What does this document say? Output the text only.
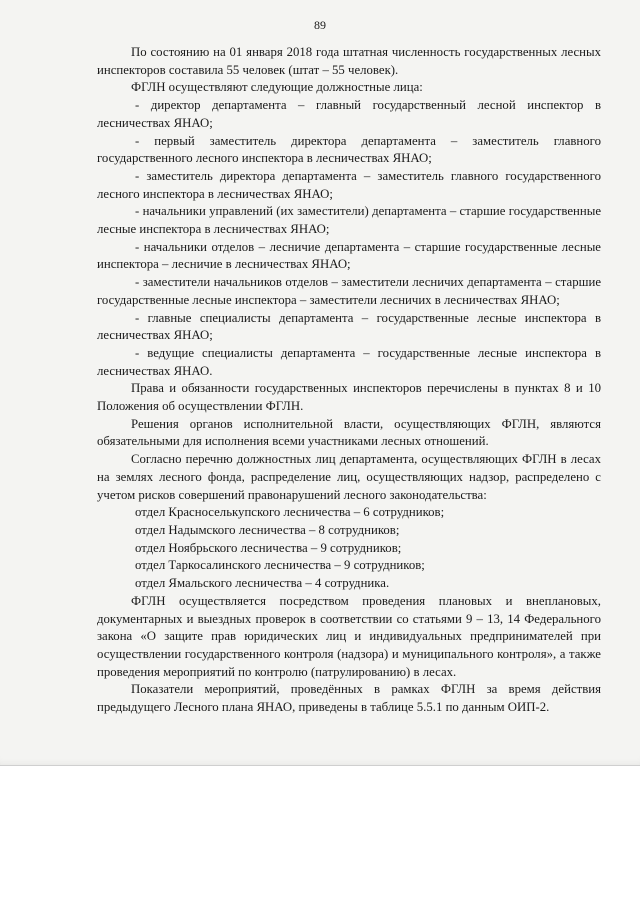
89

По состоянию на 01 января 2018 года штатная численность государственных лесных инспекторов составила 55 человек (штат – 55 человек).

ФГЛН осуществляют следующие должностные лица:

- директор департамента – главный государственный лесной инспектор в лесничествах ЯНАО;

- первый заместитель директора департамента – заместитель главного государственного лесного инспектора в лесничествах ЯНАО;

- заместитель директора департамента – заместитель главного государственного лесного инспектора в лесничествах ЯНАО;

- начальники управлений (их заместители) департамента – старшие государственные лесные инспектора в лесничествах ЯНАО;

- начальники отделов – лесничие департамента – старшие государственные лесные инспектора – лесничие в лесничествах ЯНАО;

- заместители начальников отделов – заместители лесничих департамента – старшие государственные лесные инспектора – заместители лесничих в лесничествах ЯНАО;

- главные специалисты департамента – государственные лесные инспектора в лесничествах ЯНАО;

- ведущие специалисты департамента – государственные лесные инспектора в лесничествах ЯНАО.

Права и обязанности государственных инспекторов перечислены в пунктах 8 и 10 Положения об осуществлении ФГЛН.

Решения органов исполнительной власти, осуществляющих ФГЛН, являются обязательными для исполнения всеми участниками лесных отношений.

Согласно перечню должностных лиц департамента, осуществляющих ФГЛН в лесах на землях лесного фонда, распределение лиц, осуществляющих надзор, распределено с учетом рисков совершений правонарушений лесного законодательства:

отдел Красноселькупского лесничества – 6 сотрудников;

отдел Надымского лесничества – 8 сотрудников;

отдел Ноябрьского лесничества – 9 сотрудников;

отдел Таркосалинского лесничества – 9 сотрудников;

отдел Ямальского лесничества – 4 сотрудника.

ФГЛН осуществляется посредством проведения плановых и внеплановых, документарных и выездных проверок в соответствии со статьями 9 – 13, 14 Федерального закона «О защите прав юридических лиц и индивидуальных предпринимателей при осуществлении государственного контроля (надзора) и муниципального контроля», а также проведения мероприятий по контролю (патрулированию) в лесах.

Показатели мероприятий, проведённых в рамках ФГЛН за время действия предыдущего Лесного плана ЯНАО, приведены в таблице 5.5.1 по данным ОИП-2.
